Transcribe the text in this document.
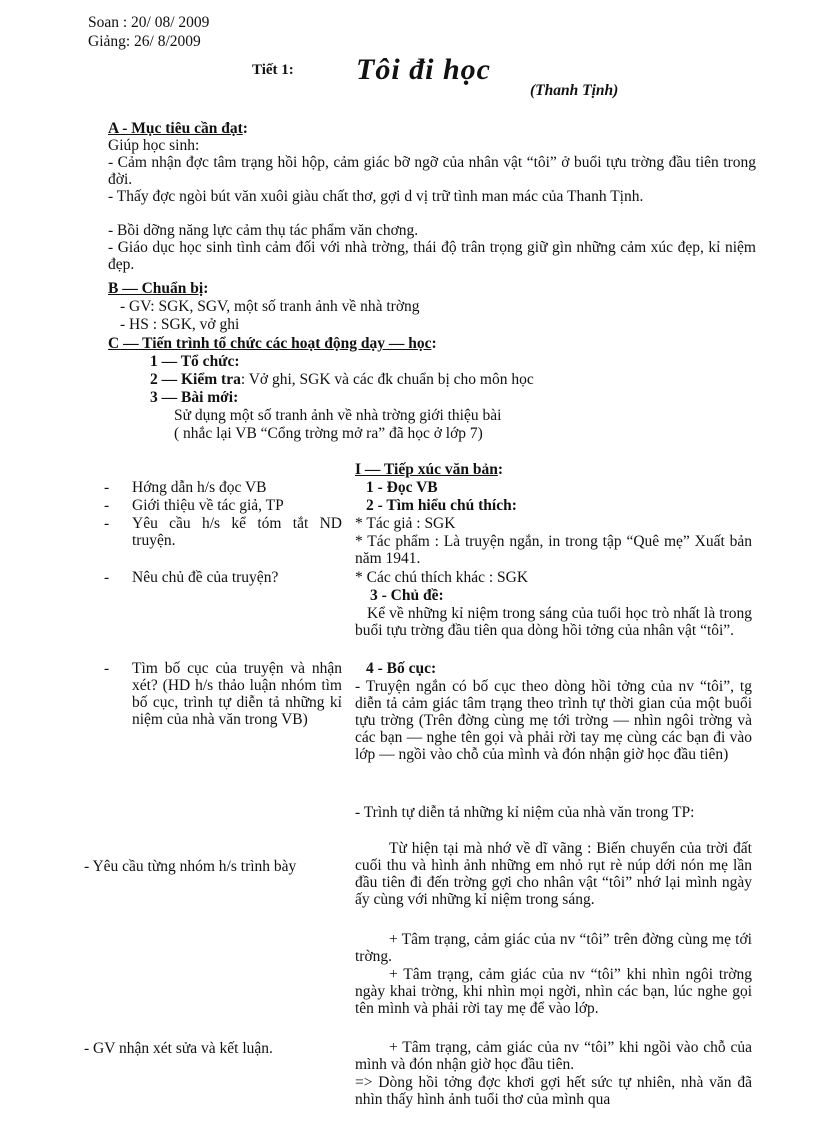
Soan : 20/ 08/ 2009
Giảng: 26/ 8/2009
Tiết 1: Tôi đi học
(Thanh Tịnh)
A - Mục tiêu cần đạt:
Giúp học sinh:
- Cảm nhận đợc tâm trạng hồi hộp, cảm giác bỡ ngỡ của nhân vật “tôi” ở buổi tựu trờng đầu tiên trong đời.
- Thấy đợc ngòi bút văn xuôi giàu chất thơ, gợi d vị trữ tình man mác của Thanh Tịnh.
- Bồi dỡng năng lực cảm thụ tác phẩm văn chơng.
- Giáo dục học sinh tình cảm đối với nhà trờng, thái độ trân trọng giữ gìn những cảm xúc đẹp, kỉ niệm đẹp.
B — Chuẩn bị:
- GV: SGK, SGV, một số tranh ảnh về nhà trờng
- HS : SGK, vở ghi
C — Tiến trình tổ chức các hoạt động dạy — học:
1 — Tổ chức:
2 — Kiểm tra: Vở ghi, SGK và các đk chuẩn bị cho môn học
3 — Bài mới:
Sử dụng một số tranh ảnh về nhà trờng giới thiệu bài
( nhắc lại VB “Cổng trờng mở ra” đã học ở lớp 7)
I — Tiếp xúc văn bản:
- Hớng dẫn h/s đọc VB
- Giới thiệu về tác giả, TP
- Yêu cầu h/s kể tóm tắt ND truyện.
- Nêu chủ đề của truyện?
- Tìm bố cục của truyện và nhận xét? (HD h/s thảo luận nhóm tìm bố cục, trình tự diễn tả những kỉ niệm của nhà văn trong VB)
- Yêu cầu từng nhóm h/s trình bày
- GV nhận xét sửa và kết luận.
1 - Đọc VB
2 - Tìm hiểu chú thích:
* Tác giả : SGK
* Tác phẩm : Là truyện ngắn, in trong tập “Quê mẹ” Xuất bản năm 1941.
* Các chú thích khác : SGK
3 - Chủ đề:
Kể về những kỉ niệm trong sáng của tuổi học trò nhất là trong buổi tựu trờng đầu tiên qua dòng hồi tởng của nhân vật “tôi”.
4 - Bố cục:
- Truyện ngắn có bố cục theo dòng hồi tởng của nv “tôi”, tg diễn tả cảm giác tâm trạng theo trình tự thời gian của một buổi tựu trờng (Trên đờng cùng mẹ tới trờng — nhìn ngôi trờng và các bạn — nghe tên gọi và phải rời tay mẹ cùng các bạn đi vào lớp — ngồi vào chỗ của mình và đón nhận giờ học đầu tiên)
- Trình tự diễn tả những kỉ niệm của nhà văn trong TP:
Từ hiện tại mà nhớ về dĩ vãng : Biến chuyển của trời đất cuối thu và hình ảnh những em nhỏ rụt rè núp dới nón mẹ lần đầu tiên đi đến trờng gợi cho nhân vật “tôi” nhớ lại mình ngày ấy cùng với những kỉ niệm trong sáng.
+ Tâm trạng, cảm giác của nv “tôi” trên đờng cùng mẹ tới trờng.
+ Tâm trạng, cảm giác của nv “tôi” khi nhìn ngôi trờng ngày khai trờng, khi nhìn mọi ngời, nhìn các bạn, lúc nghe gọi tên mình và phải rời tay mẹ để vào lớp.
+ Tâm trạng, cảm giác của nv “tôi” khi ngồi vào chỗ của mình và đón nhận giờ học đầu tiên.
=> Dòng hồi tởng đợc khơi gợi hết sức tự nhiên, nhà văn đã nhìn thấy hình ảnh tuổi thơ của mình qua
